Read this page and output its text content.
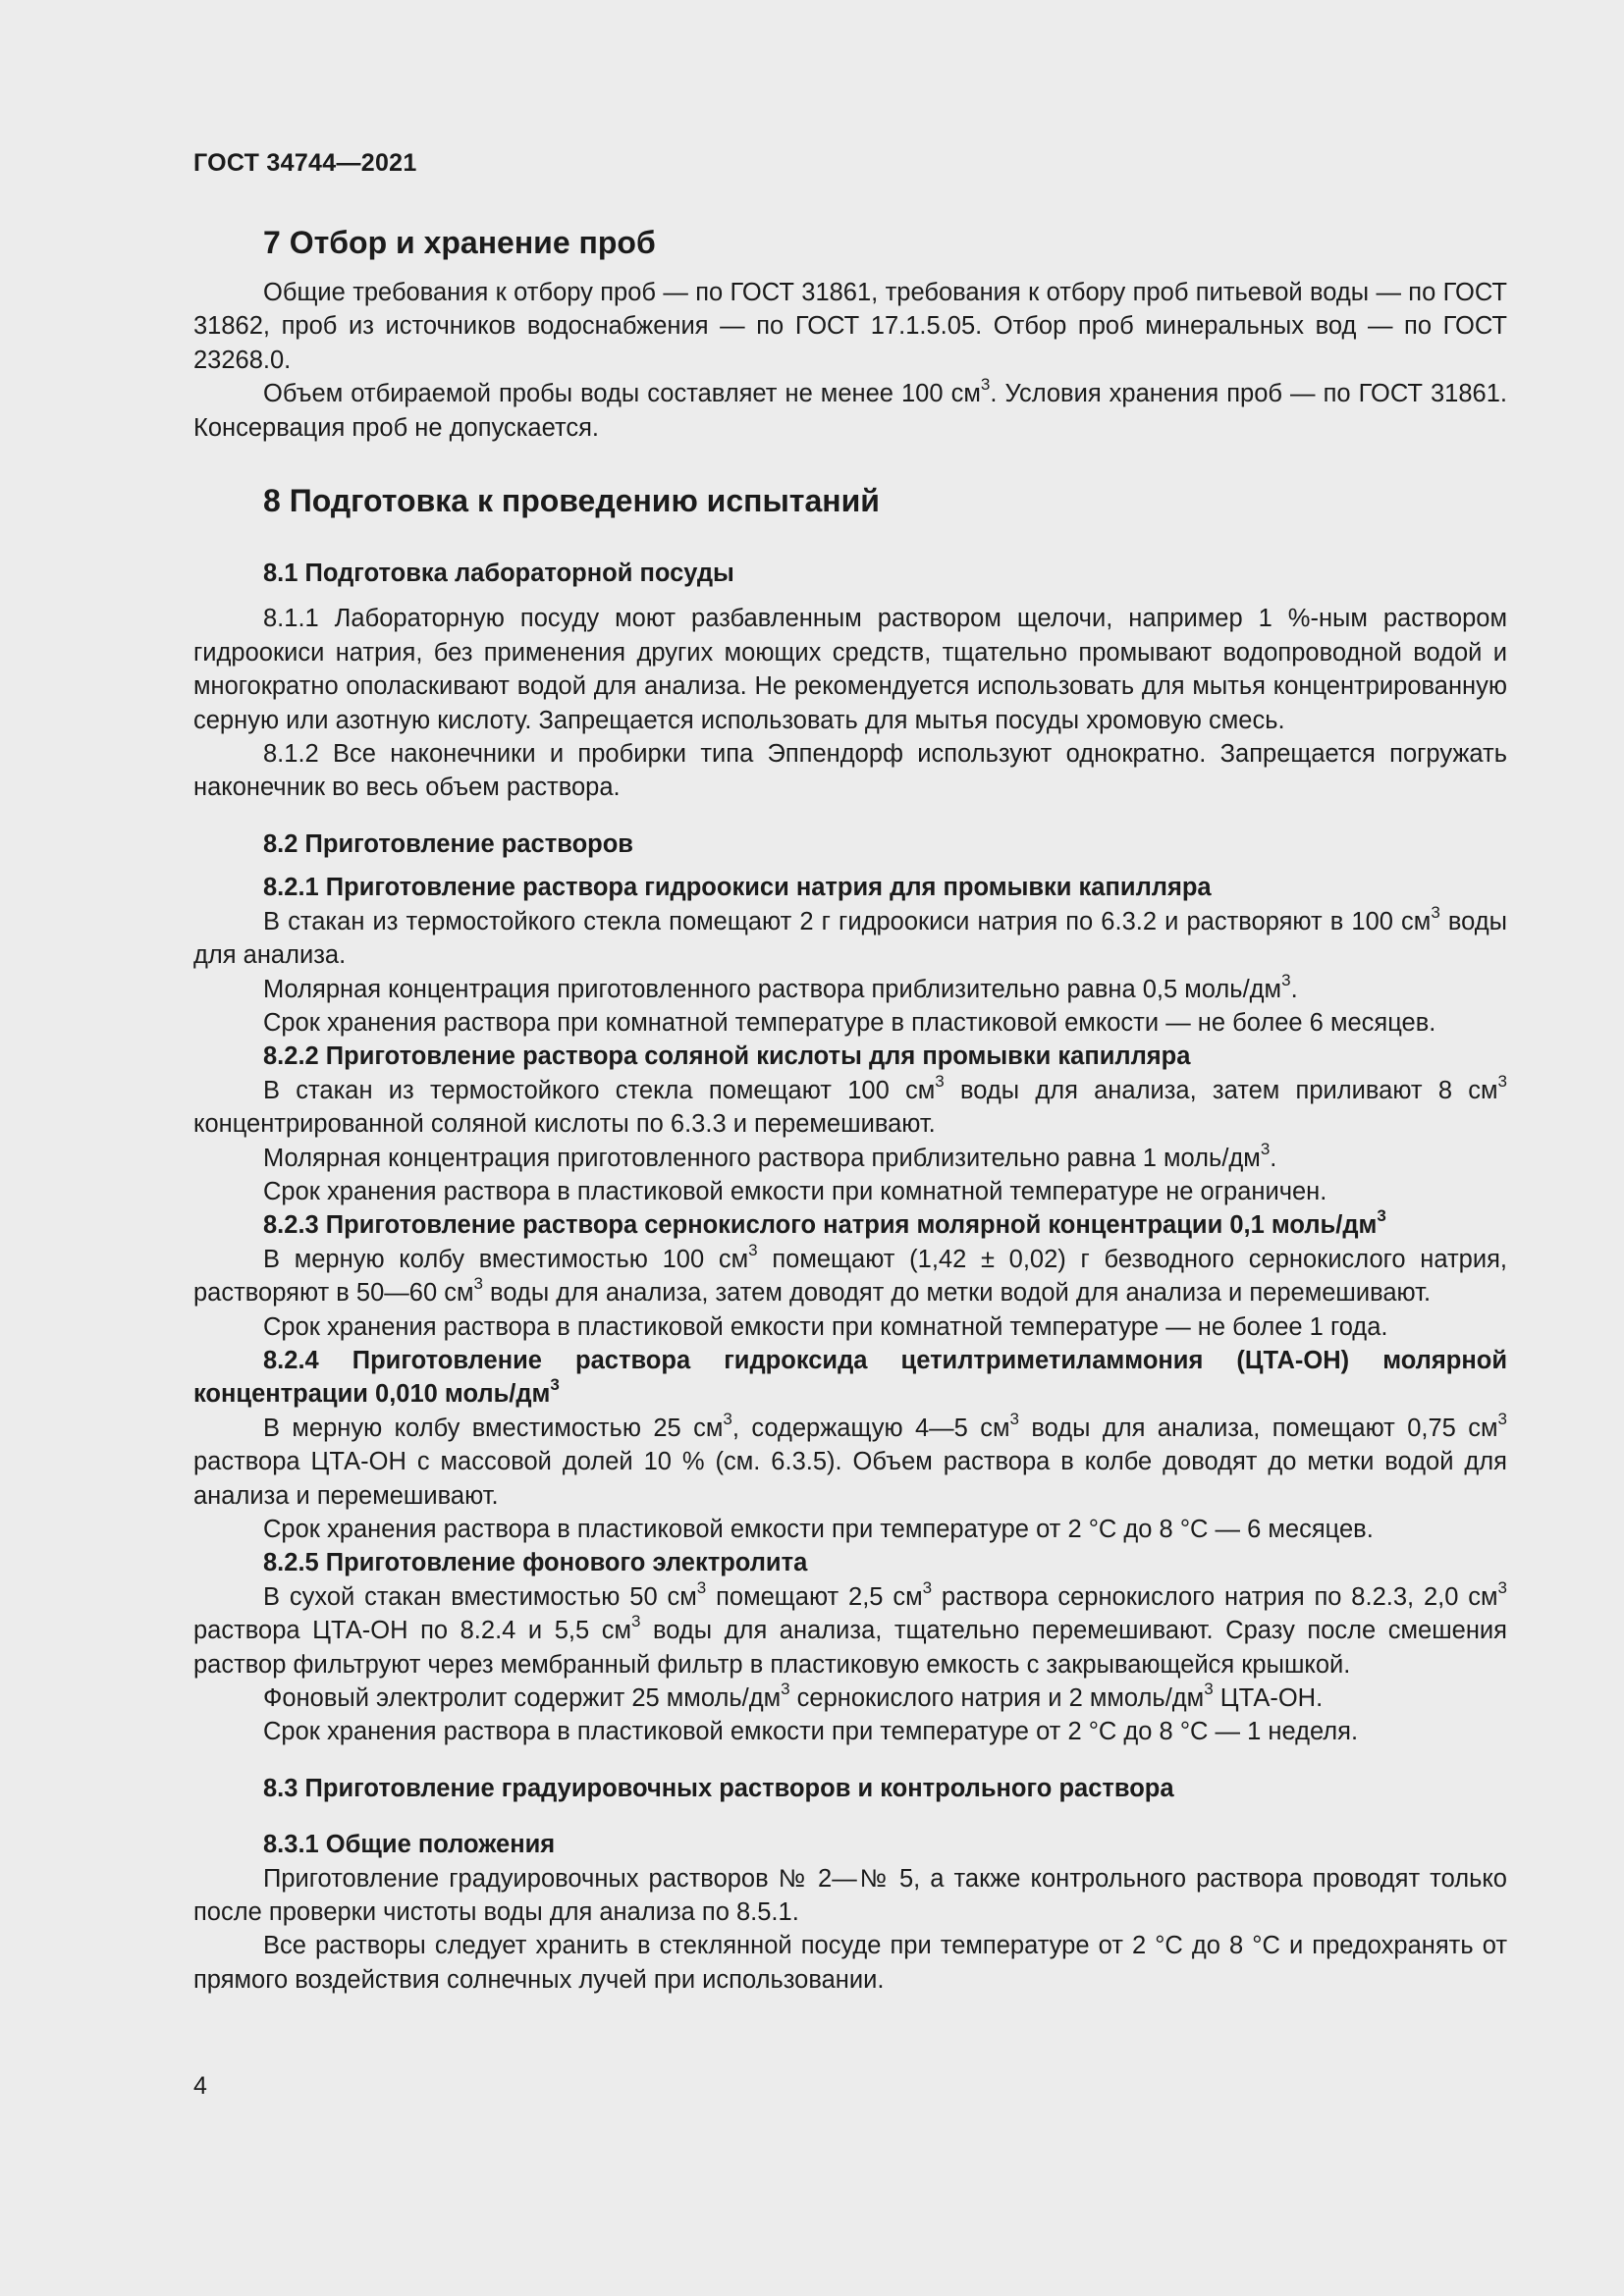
ГОСТ 34744—2021
7 Отбор и хранение проб

Общие требования к отбору проб — по ГОСТ 31861, требования к отбору проб питьевой воды — по ГОСТ 31862, проб из источников водоснабжения — по ГОСТ 17.1.5.05. Отбор проб минеральных вод — по ГОСТ 23268.0.

Объем отбираемой пробы воды составляет не менее 100 $см^3$. Условия хранения проб — по ГОСТ 31861. Консервация проб не допускается.

8 Подготовка к проведению испытаний
8.1 Подготовка лабораторной посуды

8.1.1 Лабораторную посуду моют разбавленным раствором щелочи, например 1 %-ным раствором гидроокиси натрия, без применения других моющих средств, тщательно промывают водопроводной водой и многократно ополаскивают водой для анализа. Не рекомендуется использовать для мытья концентрированную серную или азотную кислоту. Запрещается использовать для мытья посуды хромовую смесь.

8.1.2 Все наконечники и пробирки типа Эппендорф используют однократно. Запрещается погружать наконечник во весь объем раствора.

8.2 Приготовление растворов
8.2.1 Приготовление раствора гидроокиси натрия для промывки капилляра

В стакан из термостойкого стекла помещают 2 г гидроокиси натрия по 6.3.2 и растворяют в 100 $см^3$ воды для анализа.

Молярная концентрация приготовленного раствора приблизительно равна 0,5 моль/$дм^3$.

Срок хранения раствора при комнатной температуре в пластиковой емкости — не более 6 месяцев.

8.2.2 Приготовление раствора соляной кислоты для промывки капилляра

В стакан из термостойкого стекла помещают 100 $см^3$ воды для анализа, затем приливают 8 $см^3$ концентрированной соляной кислоты по 6.3.3 и перемешивают.

Молярная концентрация приготовленного раствора приблизительно равна 1 моль/$дм^3$.

Срок хранения раствора в пластиковой емкости при комнатной температуре не ограничен.

8.2.3 Приготовление раствора сернокислого натрия молярной концентрации 0,1 моль/$дм^3$

В мерную колбу вместимостью 100 $см^3$ помещают (1,42 ± 0,02) г безводного сернокислого натрия, растворяют в 50—60 $см^3$ воды для анализа, затем доводят до метки водой для анализа и перемешивают.

Срок хранения раствора в пластиковой емкости при комнатной температуре — не более 1 года.

8.2.4 Приготовление раствора гидроксида цетилтриметиламмония (ЦТА-ОН) молярной концентрации 0,010 моль/$дм^3$

В мерную колбу вместимостью 25 $см^3$, содержащую 4—5 $см^3$ воды для анализа, помещают 0,75 $см^3$ раствора ЦТА-ОН с массовой долей 10 % (см. 6.3.5). Объем раствора в колбе доводят до метки водой для анализа и перемешивают.

Срок хранения раствора в пластиковой емкости при температуре от 2 °С до 8 °С — 6 месяцев.

8.2.5 Приготовление фонового электролита

В сухой стакан вместимостью 50 $см^3$ помещают 2,5 $см^3$ раствора сернокислого натрия по 8.2.3, 2,0 $см^3$ раствора ЦТА-ОН по 8.2.4 и 5,5 $см^3$ воды для анализа, тщательно перемешивают. Сразу после смешения раствор фильтруют через мембранный фильтр в пластиковую емкость с закрывающейся крышкой.

Фоновый электролит содержит 25 ммоль/$дм^3$ сернокислого натрия и 2 ммоль/$дм^3$ ЦТА-ОН.

Срок хранения раствора в пластиковой емкости при температуре от 2 °С до 8 °С — 1 неделя.

8.3 Приготовление градуировочных растворов и контрольного раствора
8.3.1 Общие положения

Приготовление градуировочных растворов № 2—№ 5, а также контрольного раствора проводят только после проверки чистоты воды для анализа по 8.5.1.

Все растворы следует хранить в стеклянной посуде при температуре от 2 °С до 8 °С и предохранять от прямого воздействия солнечных лучей при использовании.

4
